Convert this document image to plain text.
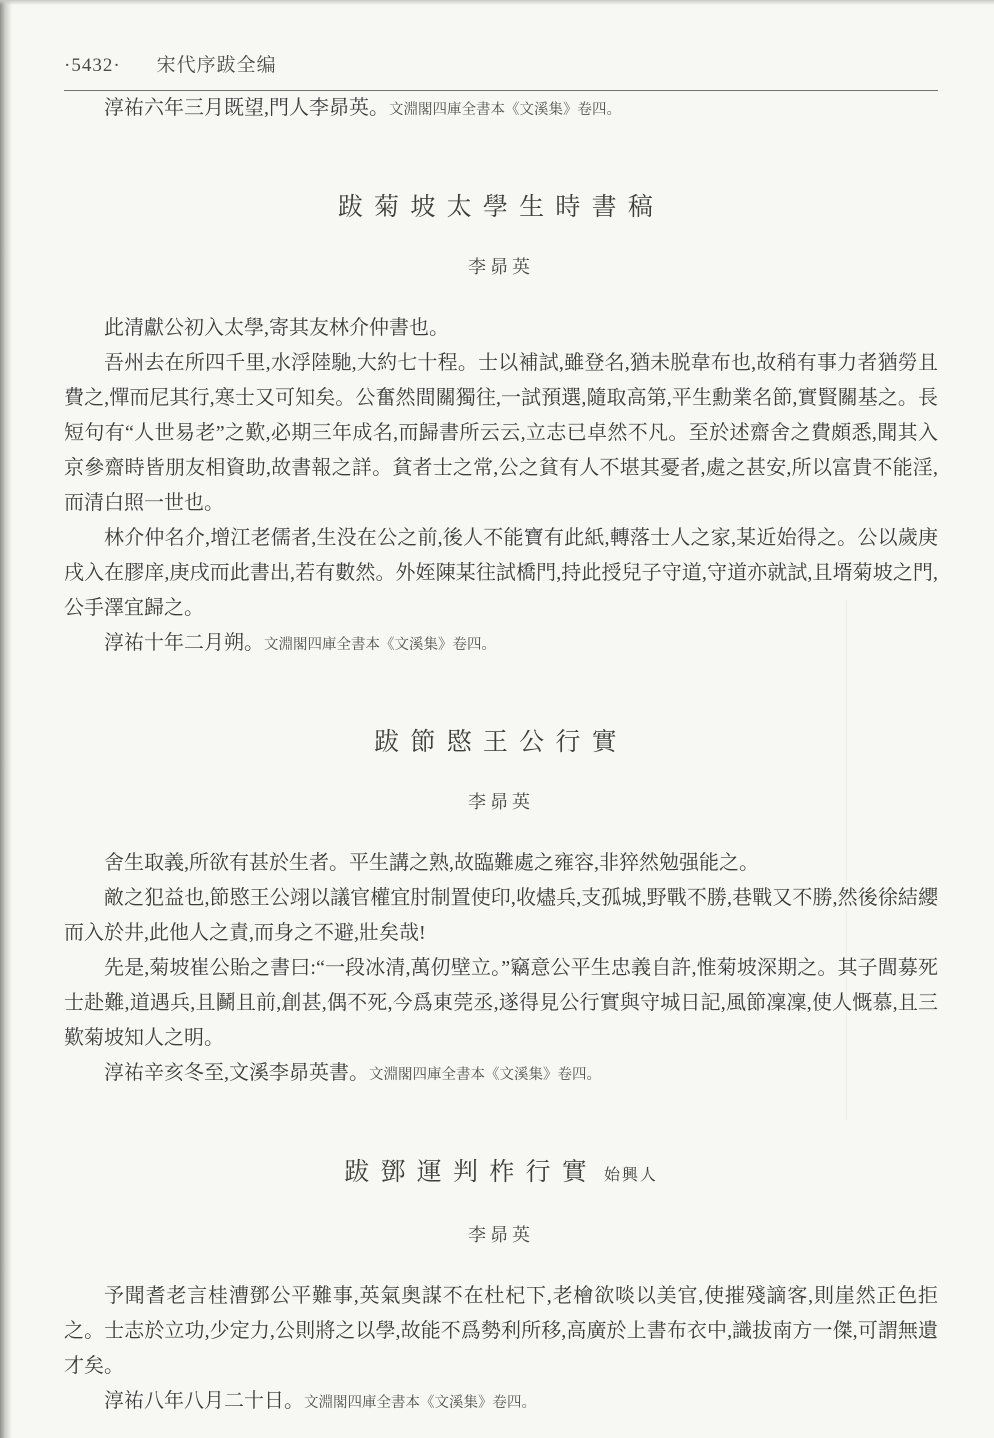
·5432· 宋代序跋全编

淳祐六年三月既望,門人李昴英。文淵閣四庫全書本《文溪集》卷四。

跋菊坡太學生時書稿
李昴英

此清獻公初入太學,寄其友林介仲書也。

吾州去在所四千里,水浮陸馳,大約七十程。士以補試,雖登名,猶未脱韋布也,故稍有事力者猶勞且費之,憚而尼其行,寒士又可知矣。公奮然間關獨往,一試預選,隨取高第,平生勳業名節,實賢關基之。長短句有“人世易老”之歎,必期三年成名,而歸書所云云,立志已卓然不凡。至於述齋舍之費頗悉,聞其入京參齋時皆朋友相資助,故書報之詳。貧者士之常,公之貧有人不堪其憂者,處之甚安,所以富貴不能淫,而清白照一世也。

林介仲名介,增江老儒者,生没在公之前,後人不能寶有此紙,轉落士人之家,某近始得之。公以歲庚戌入在膠庠,庚戌而此書出,若有數然。外姪陳某往試橋門,持此授兒子守道,守道亦就試,且壻菊坡之門,公手澤宜歸之。

淳祐十年二月朔。文淵閣四庫全書本《文溪集》卷四。

跋節愍王公行實
李昴英

舍生取義,所欲有甚於生者。平生講之熟,故臨難處之雍容,非猝然勉强能之。

敵之犯益也,節愍王公翊以議官權宜肘制置使印,收燼兵,支孤城,野戰不勝,巷戰又不勝,然後徐結纓而入於井,此他人之責,而身之不避,壯矣哉!

先是,菊坡崔公貽之書曰:“一段冰清,萬仞壁立。”竊意公平生忠義自許,惟菊坡深期之。其子閭募死士赴難,道遇兵,且鬭且前,創甚,偶不死,今爲東莞丞,遂得見公行實與守城日記,風節凜凜,使人慨慕,且三歎菊坡知人之明。

淳祐辛亥冬至,文溪李昴英書。文淵閣四庫全書本《文溪集》卷四。

跋鄧運判柞行實 始興人
李昴英

予聞耆老言桂漕鄧公平難事,英氣奥謀不在杜杞下,老檜欲啖以美官,使摧殘謫客,則崖然正色拒之。士志於立功,少定力,公則將之以學,故能不爲勢利所移,高廣於上書布衣中,識拔南方一傑,可謂無遺才矣。

淳祐八年八月二十日。文淵閣四庫全書本《文溪集》卷四。
